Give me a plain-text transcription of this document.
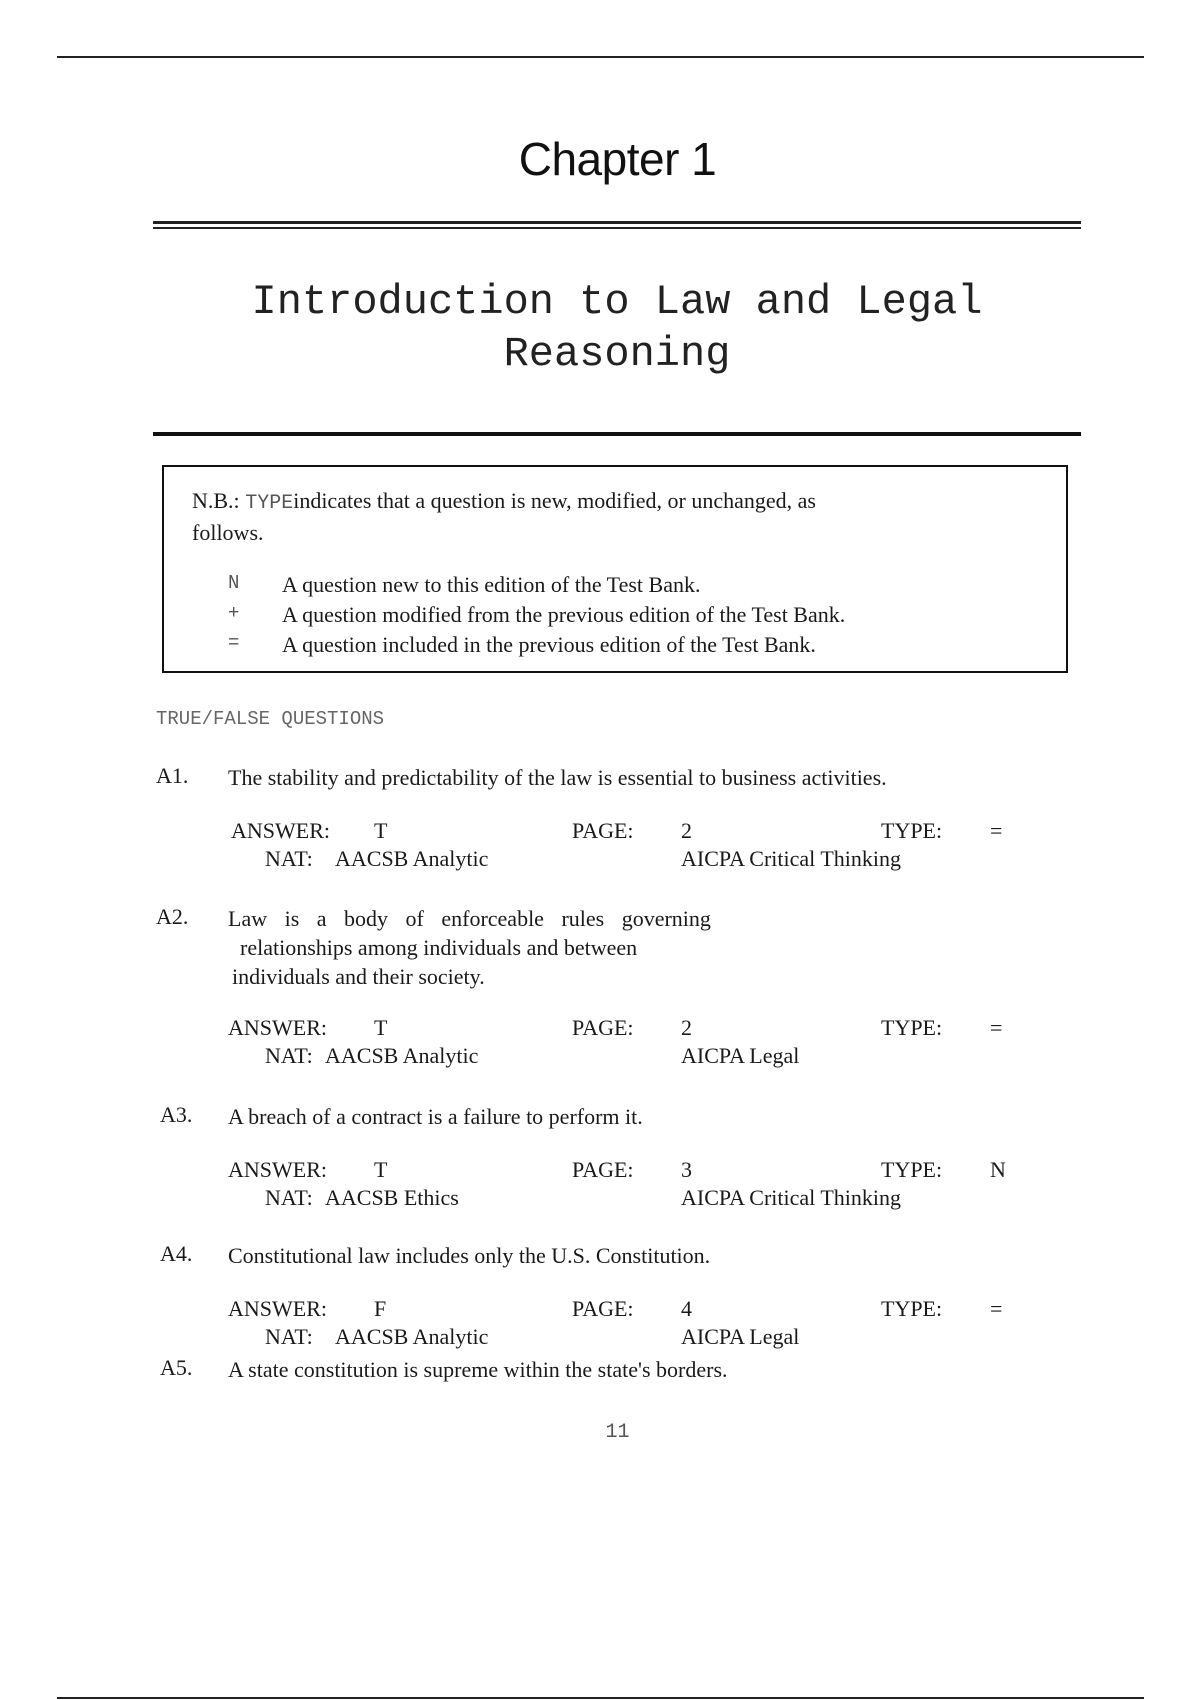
Chapter 1
Introduction to Law and Legal
Reasoning
N.B.: TYPEindicates that a question is new, modified, or unchanged, as
follows.
N A question new to this edition of the Test Bank.
+ A question modified from the previous edition of the Test Bank.
= A question included in the previous edition of the Test Bank.
TRUE/FALSE QUESTIONS
A1. The stability and predictability of the law is essential to business activities.
ANSWER: T	PAGE: 2	TYPE: =
NAT: AACSB Analytic	AICPA Critical Thinking
A2. Law is a body of enforceable rules governing
relationships among individuals and between
individuals and their society.
ANSWER: T	PAGE: 2	TYPE: =
NAT: AACSB Analytic	AICPA Legal
A3. A breach of a contract is a failure to perform it.
ANSWER: T	PAGE: 3	TYPE: N
NAT: AACSB Ethics	AICPA Critical Thinking
A4. Constitutional law includes only the U.S. Constitution.
ANSWER: F	PAGE: 4	TYPE: =
NAT: AACSB Analytic	AICPA Legal
A5. A state constitution is supreme within the state's borders.
11
